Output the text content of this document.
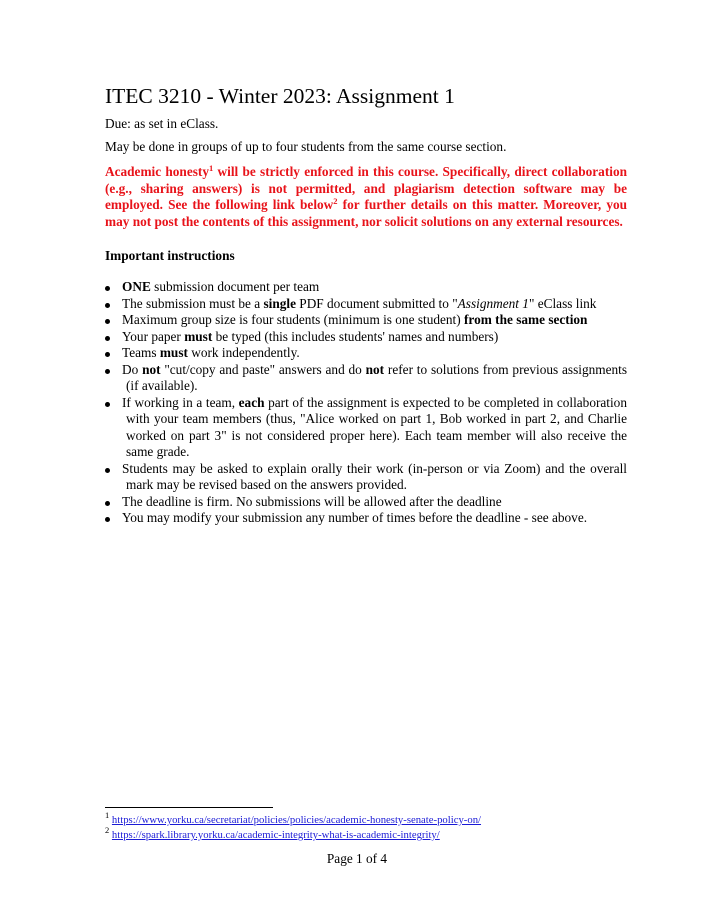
ITEC 3210 - Winter 2023: Assignment 1

Due: as set in eClass.

May be done in groups of up to four students from the same course section.

Academic honesty$^1$ will be strictly enforced in this course. Specifically, direct collaboration (e.g., sharing answers) is not permitted, and plagiarism detection software may be employed. See the following link below$^2$ for further details on this matter. Moreover, you may not post the contents of this assignment, nor solicit solutions on any external resources.

Important instructions

ONE submission document per team
The submission must be a single PDF document submitted to "Assignment 1" eClass link
Maximum group size is four students (minimum is one student) from the same section
Your paper must be typed (this includes students' names and numbers)
Teams must work independently.
Do not "cut/copy and paste" answers and do not refer to solutions from previous assignments (if available).
If working in a team, each part of the assignment is expected to be completed in collaboration with your team members (thus, "Alice worked on part 1, Bob worked in part 2, and Charlie worked on part 3" is not considered proper here). Each team member will also receive the same grade.
Students may be asked to explain orally their work (in-person or via Zoom) and the overall mark may be revised based on the answers provided.
The deadline is firm. No submissions will be allowed after the deadline
You may modify your submission any number of times before the deadline - see above.

$^1$ https://www.yorku.ca/secretariat/policies/policies/academic-honesty-senate-policy-on/

$^2$ https://spark.library.yorku.ca/academic-integrity-what-is-academic-integrity/

Page 1 of 4
